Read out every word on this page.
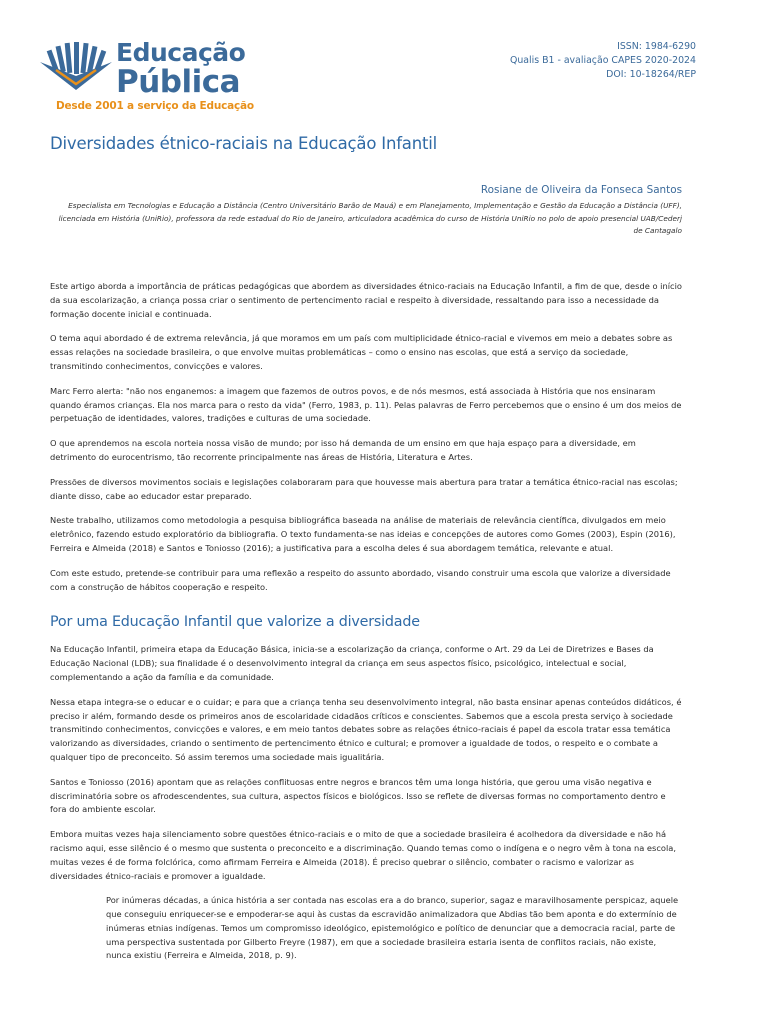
Educação
Pública
Desde 2001 a serviço da Educação
ISSN: 1984-6290
Qualis B1 - avaliação CAPES 2020-2024
DOI: 10-18264/REP
Diversidades étnico-raciais na Educação Infantil
Rosiane de Oliveira da Fonseca Santos
Especialista em Tecnologias e Educação a Distância (Centro Universitário Barão de Mauá) e em Planejamento, Implementação e Gestão da Educação a Distância (UFF), licenciada em História (UniRio), professora da rede estadual do Rio de Janeiro, articuladora acadêmica do curso de História UniRio no polo de apoio presencial UAB/Cederj de Cantagalo

Este artigo aborda a importância de práticas pedagógicas que abordem as diversidades étnico-raciais na Educação Infantil, a fim de que, desde o início da sua escolarização, a criança possa criar o sentimento de pertencimento racial e respeito à diversidade, ressaltando para isso a necessidade da formação docente inicial e continuada.

O tema aqui abordado é de extrema relevância, já que moramos em um país com multiplicidade étnico-racial e vivemos em meio a debates sobre as essas relações na sociedade brasileira, o que envolve muitas problemáticas – como o ensino nas escolas, que está a serviço da sociedade, transmitindo conhecimentos, convicções e valores.

Marc Ferro alerta: "não nos enganemos: a imagem que fazemos de outros povos, e de nós mesmos, está associada à História que nos ensinaram quando éramos crianças. Ela nos marca para o resto da vida" (Ferro, 1983, p. 11). Pelas palavras de Ferro percebemos que o ensino é um dos meios de perpetuação de identidades, valores, tradições e culturas de uma sociedade.

O que aprendemos na escola norteia nossa visão de mundo; por isso há demanda de um ensino em que haja espaço para a diversidade, em detrimento do eurocentrismo, tão recorrente principalmente nas áreas de História, Literatura e Artes.

Pressões de diversos movimentos sociais e legislações colaboraram para que houvesse mais abertura para tratar a temática étnico-racial nas escolas; diante disso, cabe ao educador estar preparado.

Neste trabalho, utilizamos como metodologia a pesquisa bibliográfica baseada na análise de materiais de relevância científica, divulgados em meio eletrônico, fazendo estudo exploratório da bibliografia. O texto fundamenta-se nas ideias e concepções de autores como Gomes (2003), Espin (2016), Ferreira e Almeida (2018) e Santos e Toniosso (2016); a justificativa para a escolha deles é sua abordagem temática, relevante e atual.

Com este estudo, pretende-se contribuir para uma reflexão a respeito do assunto abordado, visando construir uma escola que valorize a diversidade com a construção de hábitos cooperação e respeito.

Por uma Educação Infantil que valorize a diversidade

Na Educação Infantil, primeira etapa da Educação Básica, inicia-se a escolarização da criança, conforme o Art. 29 da Lei de Diretrizes e Bases da Educação Nacional (LDB); sua finalidade é o desenvolvimento integral da criança em seus aspectos físico, psicológico, intelectual e social, complementando a ação da família e da comunidade.

Nessa etapa integra-se o educar e o cuidar; e para que a criança tenha seu desenvolvimento integral, não basta ensinar apenas conteúdos didáticos, é preciso ir além, formando desde os primeiros anos de escolaridade cidadãos críticos e conscientes. Sabemos que a escola presta serviço à sociedade transmitindo conhecimentos, convicções e valores, e em meio tantos debates sobre as relações étnico-raciais é papel da escola tratar essa temática valorizando as diversidades, criando o sentimento de pertencimento étnico e cultural; e promover a igualdade de todos, o respeito e o combate a qualquer tipo de preconceito. Só assim teremos uma sociedade mais igualitária.

Santos e Toniosso (2016) apontam que as relações conflituosas entre negros e brancos têm uma longa história, que gerou uma visão negativa e discriminatória sobre os afrodescendentes, sua cultura, aspectos físicos e biológicos. Isso se reflete de diversas formas no comportamento dentro e fora do ambiente escolar.

Embora muitas vezes haja silenciamento sobre questões étnico-raciais e o mito de que a sociedade brasileira é acolhedora da diversidade e não há racismo aqui, esse silêncio é o mesmo que sustenta o preconceito e a discriminação. Quando temas como o indígena e o negro vêm à tona na escola, muitas vezes é de forma folclórica, como afirmam Ferreira e Almeida (2018). É preciso quebrar o silêncio, combater o racismo e valorizar as diversidades étnico-raciais e promover a igualdade.

Por inúmeras décadas, a única história a ser contada nas escolas era a do branco, superior, sagaz e maravilhosamente perspicaz, aquele que conseguiu enriquecer-se e empoderar-se aqui às custas da escravidão animalizadora que Abdias tão bem aponta e do extermínio de inúmeras etnias indígenas. Temos um compromisso ideológico, epistemológico e político de denunciar que a democracia racial, parte de uma perspectiva sustentada por Gilberto Freyre (1987), em que a sociedade brasileira estaria isenta de conflitos raciais, não existe, nunca existiu (Ferreira e Almeida, 2018, p. 9).
